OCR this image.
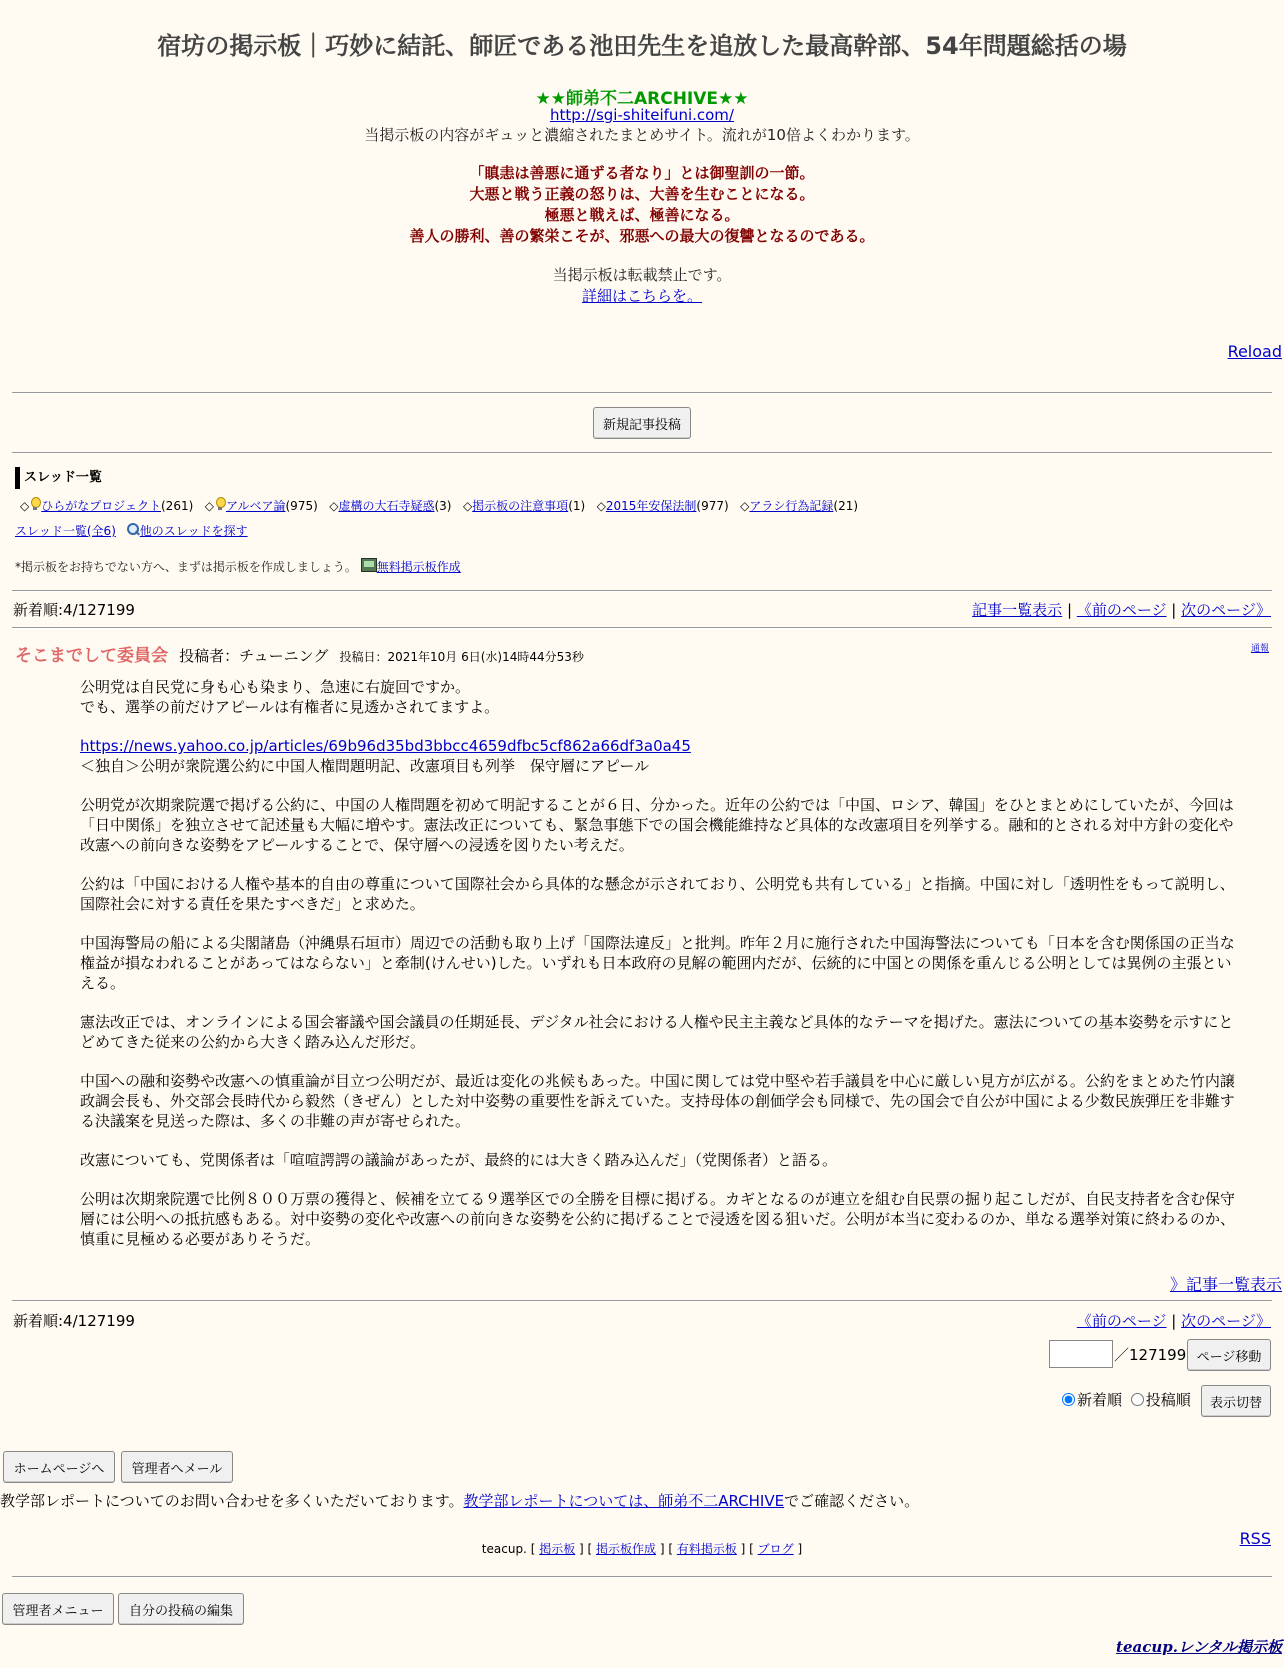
宿坊の掲示板｜巧妙に結託、師匠である池田先生を追放した最高幹部、54年問題総括の場
★★師弟不二ARCHIVE★★
http://sgi-shiteifuni.com/
当掲示板の内容がギュッと濃縮されたまとめサイト。流れが10倍よくわかります。
「瞋恚は善悪に通ずる者なり」とは御聖訓の一節。
大悪と戦う正義の怒りは、大善を生むことになる。
極悪と戦えば、極善になる。
善人の勝利、善の繁栄こそが、邪悪への最大の復讐となるのである。
当掲示板は転載禁止です。
詳細はこちらを。
Reload
新規記事投稿
スレッド一覧
◇ ひらがなプロジェクト(261) ◇ アルベア論(975) ◇虚構の大石寺疑惑(3) ◇掲示板の注意事項(1) ◇2015年安保法制(977) ◇アラシ行為記録(21)
スレッド一覧(全6) 他のスレッドを探す
*掲示板をお持ちでない方へ、まずは掲示板を作成しましょう。 無料掲示板作成
新着順:4/127199	記事一覧表示 | 《前のページ | 次のページ》
そこまでして委員会 投稿者：チューニング 投稿日：2021年10月 6日(水)14時44分53秒
通報

公明党は自民党に身も心も染まり、急速に右旋回ですか。
でも、選挙の前だけアピールは有権者に見透かされてますよ。

https://news.yahoo.co.jp/articles/69b96d35bd3bbcc4659dfbc5cf862a66df3a0a45
＜独自＞公明が衆院選公約に中国人権問題明記、改憲項目も列挙　保守層にアピール

公明党が次期衆院選で掲げる公約に、中国の人権問題を初めて明記することが６日、分かった。近年の公約では「中国、ロシア、韓国」をひとまとめにしていたが、今回は「日中関係」を独立させて記述量も大幅に増やす。憲法改正についても、緊急事態下での国会機能維持など具体的な改憲項目を列挙する。融和的とされる対中方針の変化や改憲への前向きな姿勢をアピールすることで、保守層への浸透を図りたい考えだ。

公約は「中国における人権や基本的自由の尊重について国際社会から具体的な懸念が示されており、公明党も共有している」と指摘。中国に対し「透明性をもって説明し、国際社会に対する責任を果たすべきだ」と求めた。

中国海警局の船による尖閣諸島（沖縄県石垣市）周辺での活動も取り上げ「国際法違反」と批判。昨年２月に施行された中国海警法についても「日本を含む関係国の正当な権益が損なわれることがあってはならない」と牽制(けんせい)した。いずれも日本政府の見解の範囲内だが、伝統的に中国との関係を重んじる公明としては異例の主張といえる。

憲法改正では、オンラインによる国会審議や国会議員の任期延長、デジタル社会における人権や民主主義など具体的なテーマを掲げた。憲法についての基本姿勢を示すにとどめてきた従来の公約から大きく踏み込んだ形だ。

中国への融和姿勢や改憲への慎重論が目立つ公明だが、最近は変化の兆候もあった。中国に関しては党中堅や若手議員を中心に厳しい見方が広がる。公約をまとめた竹内譲政調会長も、外交部会長時代から毅然（きぜん）とした対中姿勢の重要性を訴えていた。支持母体の創価学会も同様で、先の国会で自公が中国による少数民族弾圧を非難する決議案を見送った際は、多くの非難の声が寄せられた。

改憲についても、党関係者は「喧喧諤諤の議論があったが、最終的には大きく踏み込んだ」（党関係者）と語る。

公明は次期衆院選で比例８００万票の獲得と、候補を立てる９選挙区での全勝を目標に掲げる。カギとなるのが連立を組む自民票の掘り起こしだが、自民支持者を含む保守層には公明への抵抗感もある。対中姿勢の変化や改憲への前向きな姿勢を公約に掲げることで浸透を図る狙いだ。公明が本当に変わるのか、単なる選挙対策に終わるのか、慎重に見極める必要がありそうだ。

》記事一覧表示
新着順:4/127199	《前のページ | 次のページ》
／127199 ページ移動
新着順 投稿順	表示切替
ホームページへ	管理者へメール
教学部レポートについてのお問い合わせを多くいただいております。教学部レポートについては、師弟不二ARCHIVEでご確認ください。
RSS
teacup. [ 掲示板 ] [ 掲示板作成 ] [ 有料掲示板 ] [ ブログ ]
管理者メニュー	自分の投稿の編集
teacup.レンタル掲示板
